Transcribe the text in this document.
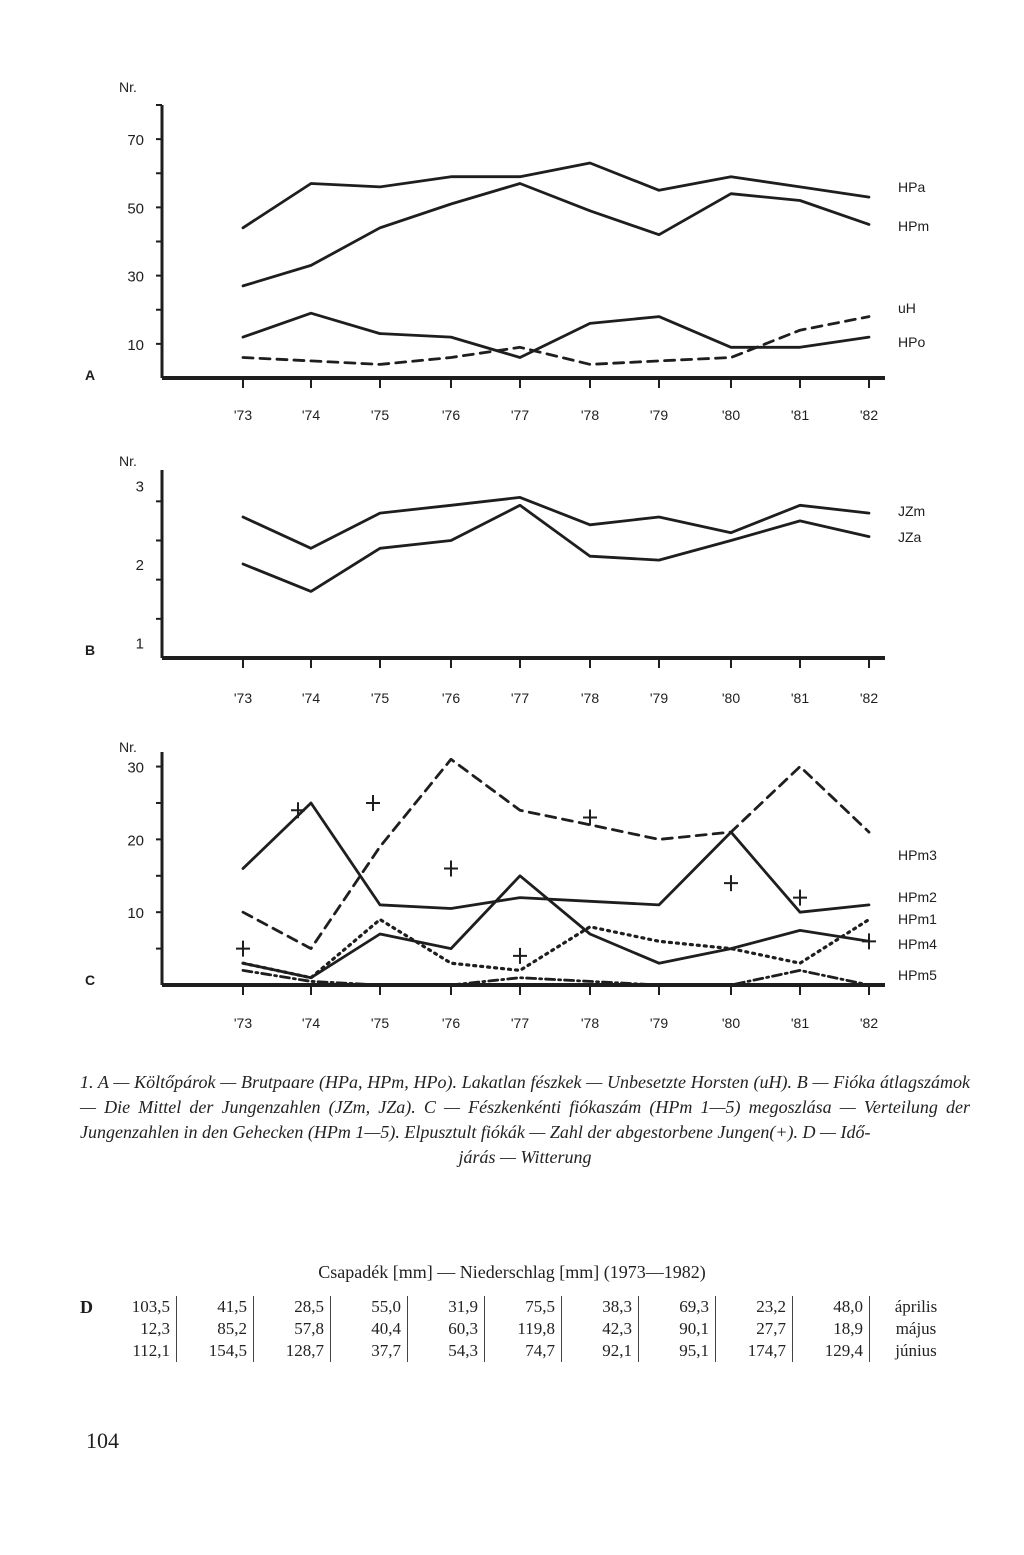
10
30
50
70
Nr.
'73	'74	'75	'76	'77	'78	'79	'80	'81	'82
A
HPa
HPm
uH
HPo
1
2
3
Nr.
'73	'74	'75	'76	'77	'78	'79	'80	'81	'82
B
JZm
JZa
10
20
30
Nr.
'73	'74	'75	'76	'77	'78	'79	'80	'81	'82
C
HPm3
HPm2
HPm1
HPm4
HPm5
1. A — Költőpárok — Brutpaare (HPa, HPm, HPo). Lakatlan fészkek — Unbesetzte Horsten (uH). B — Fióka átlagszámok — Die Mittel der Jungenzahlen (JZm, JZa). C — Fészkenkénti fiókaszám (HPm 1—5) megoszlása — Verteilung der Jungenzahlen in den Gehecken (HPm 1—5). Elpusztult fiókák — Zahl der abgestorbene Jungen(+). D — Idő-
járás — Witterung
Csapadék [mm] — Niederschlag [mm] (1973—1982)
D 103,5	41,5	28,5	55,0	31,9	75,5	38,3	69,3	23,2	48,0	április
12,3	85,2	57,8	40,4	60,3	119,8	42,3	90,1	27,7	18,9	május
112,1	154,5	128,7	37,7	54,3	74,7	92,1	95,1	174,7	129,4	június
104
